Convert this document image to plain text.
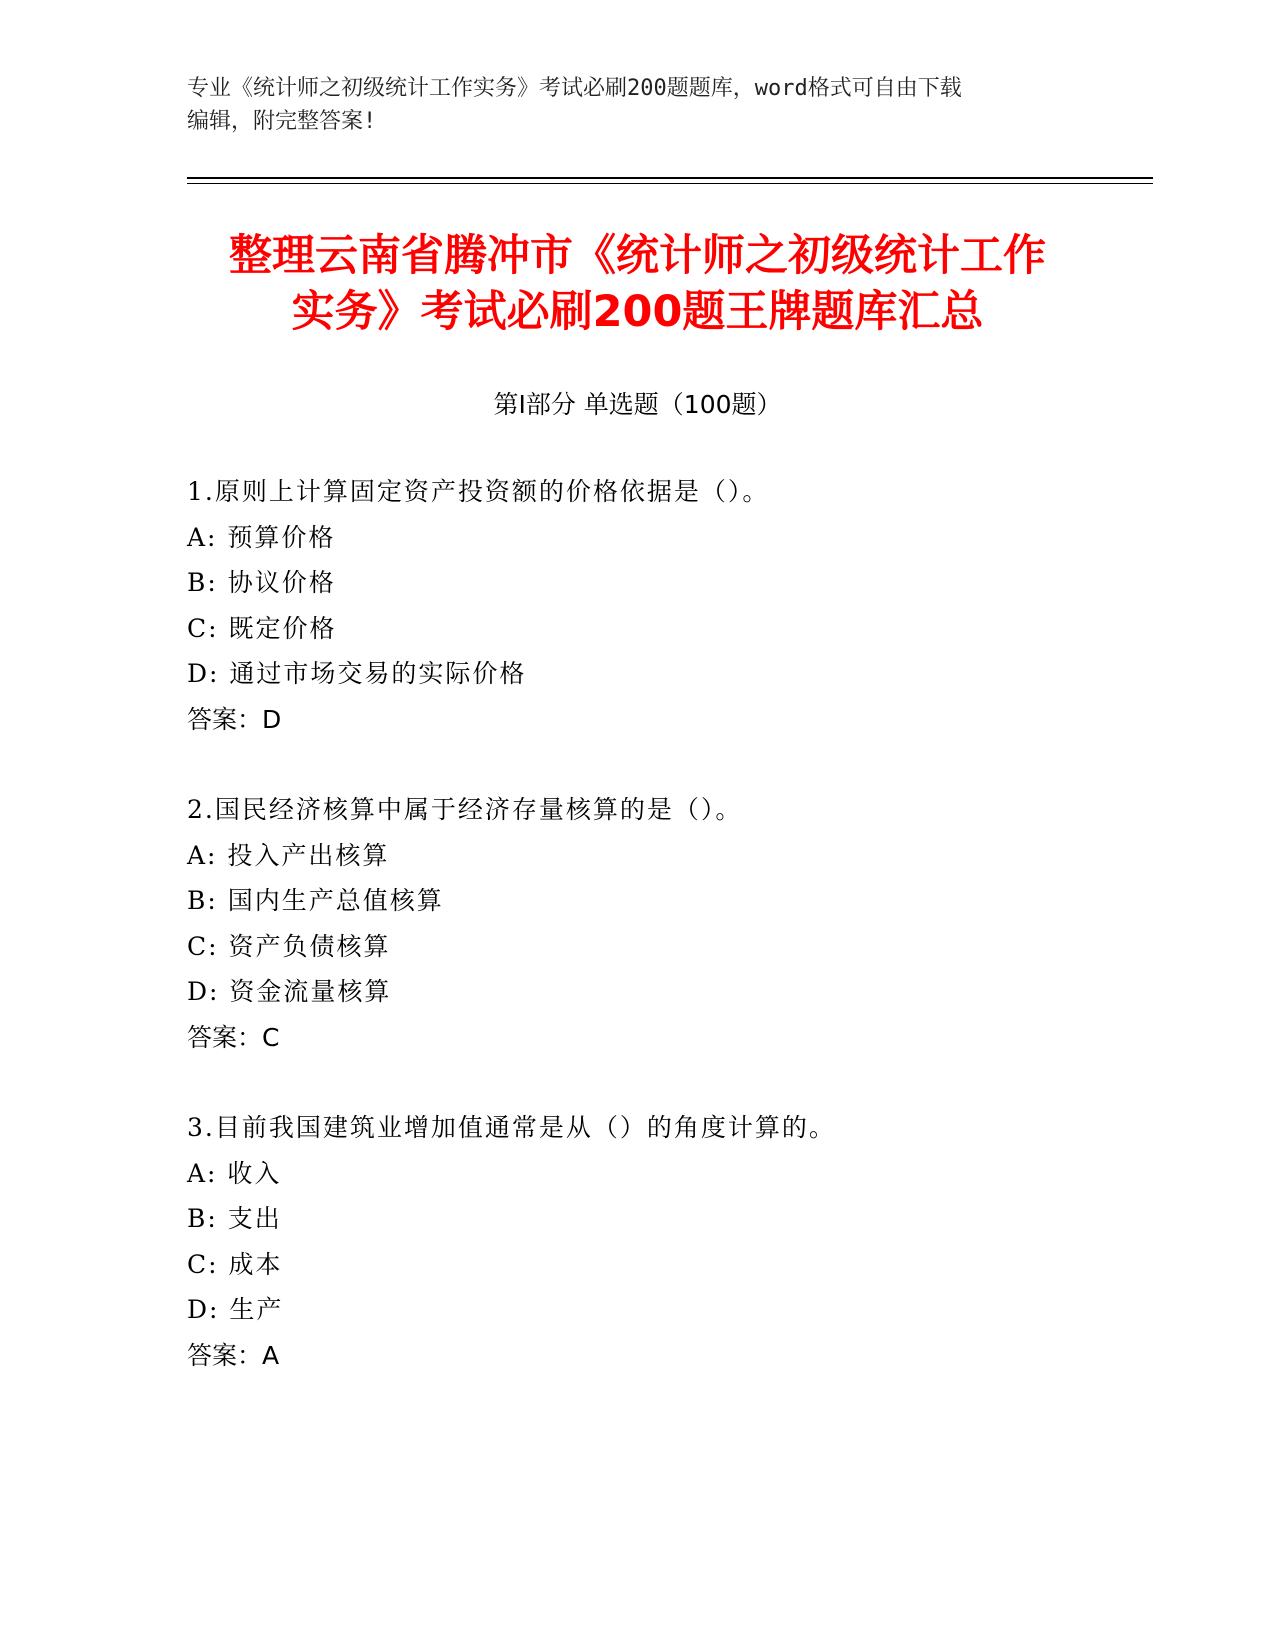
专业《统计师之初级统计工作实务》考试必刷200题题库，word格式可自由下载
编辑，附完整答案!
整理云南省腾冲市《统计师之初级统计工作
实务》考试必刷200题王牌题库汇总
第I部分 单选题（100题）
1.原则上计算固定资产投资额的价格依据是（）。
A: 预算价格
B: 协议价格
C: 既定价格
D: 通过市场交易的实际价格
答案：D
2.国民经济核算中属于经济存量核算的是（）。
A: 投入产出核算
B: 国内生产总值核算
C: 资产负债核算
D: 资金流量核算
答案：C
3.目前我国建筑业增加值通常是从（）的角度计算的。
A: 收入
B: 支出
C: 成本
D: 生产
答案：A
